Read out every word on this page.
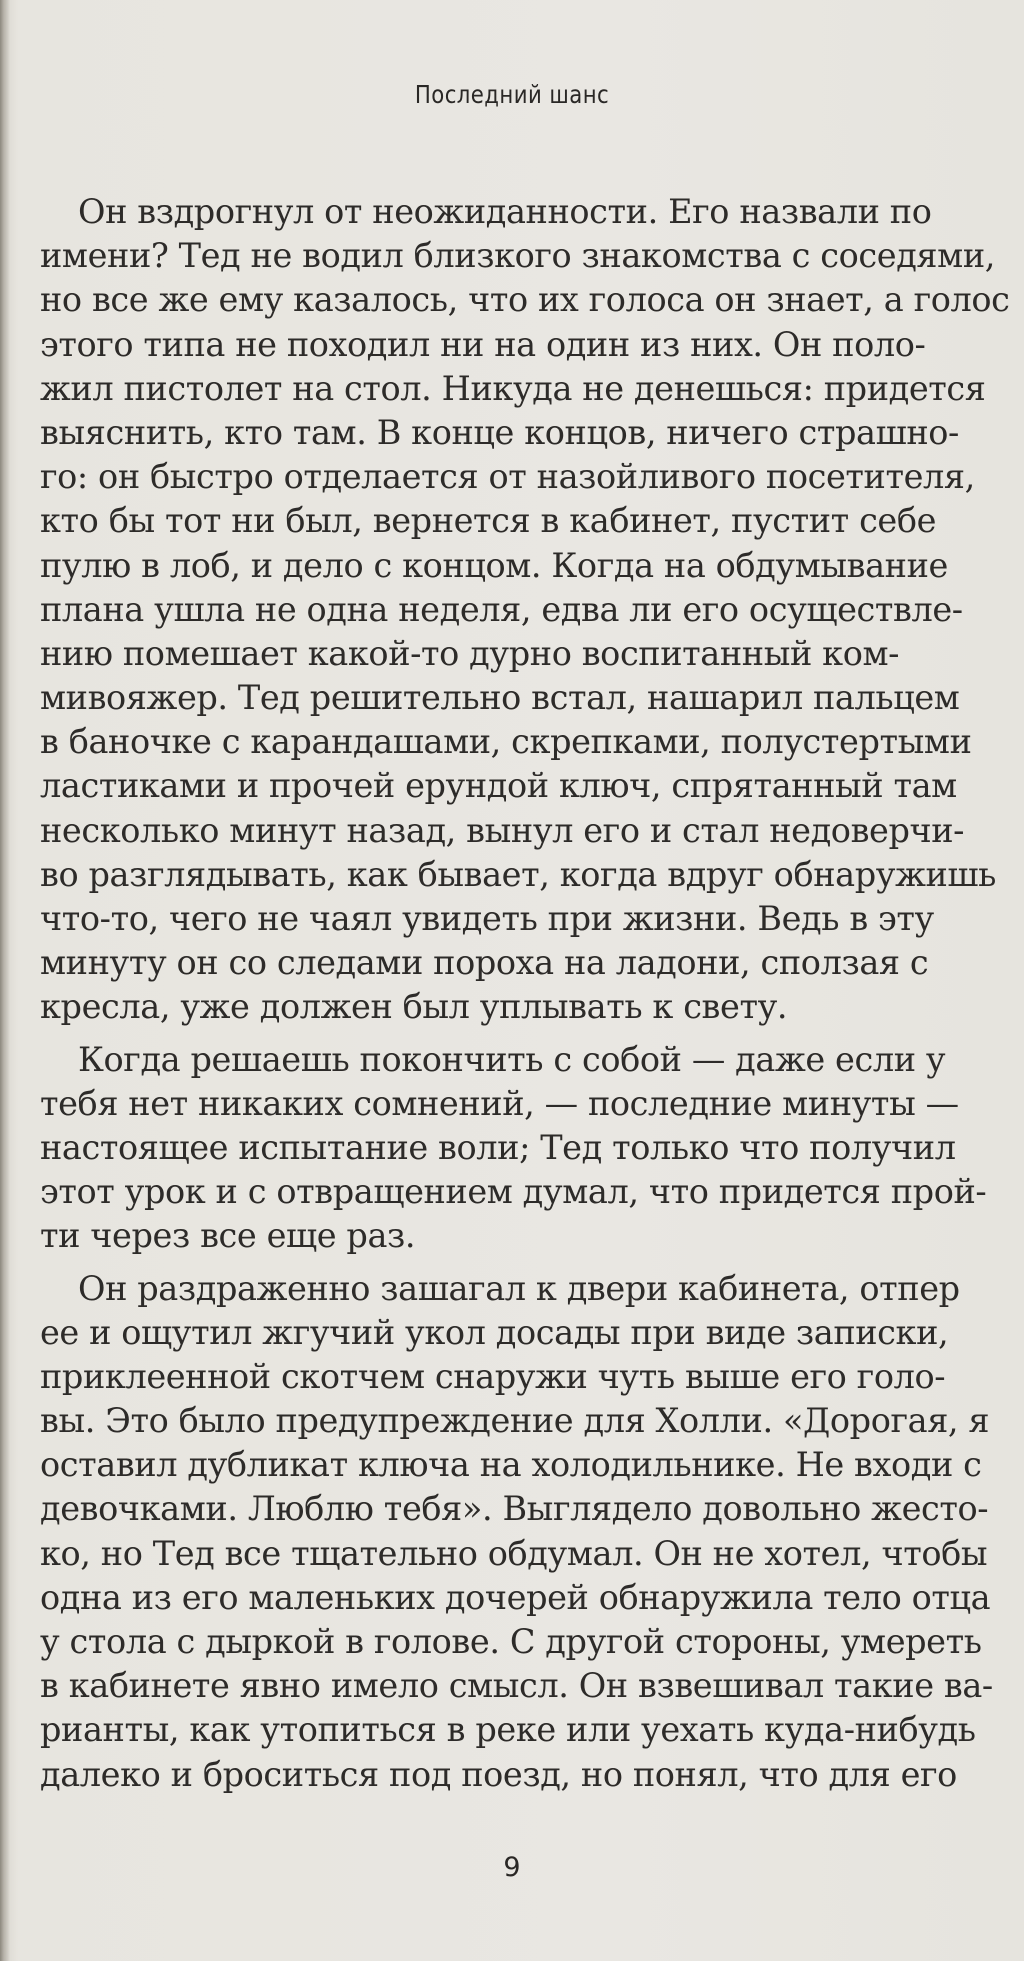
Последний шанс
Он вздрогнул от неожиданности. Его назвали по
имени? Тед не водил близкого знакомства с соседями,
но все же ему казалось, что их голоса он знает, а голос
этого типа не походил ни на один из них. Он поло-
жил пистолет на стол. Никуда не денешься: придется
выяснить, кто там. В конце концов, ничего страшно-
го: он быстро отделается от назойливого посетителя,
кто бы тот ни был, вернется в кабинет, пустит себе
пулю в лоб, и дело с концом. Когда на обдумывание
плана ушла не одна неделя, едва ли его осуществле-
нию помешает какой-то дурно воспитанный ком-
мивояжер. Тед решительно встал, нашарил пальцем
в баночке с карандашами, скрепками, полустертыми
ластиками и прочей ерундой ключ, спрятанный там
несколько минут назад, вынул его и стал недоверчи-
во разглядывать, как бывает, когда вдруг обнаружишь
что-то, чего не чаял увидеть при жизни. Ведь в эту
минуту он со следами пороха на ладони, сползая с
кресла, уже должен был уплывать к свету.
Когда решаешь покончить с собой — даже если у
тебя нет никаких сомнений, — последние минуты —
настоящее испытание воли; Тед только что получил
этот урок и с отвращением думал, что придется прой-
ти через все еще раз.
Он раздраженно зашагал к двери кабинета, отпер
ее и ощутил жгучий укол досады при виде записки,
приклеенной скотчем снаружи чуть выше его голо-
вы. Это было предупреждение для Холли. «Дорогая, я
оставил дубликат ключа на холодильнике. Не входи с
девочками. Люблю тебя». Выглядело довольно жесто-
ко, но Тед все тщательно обдумал. Он не хотел, чтобы
одна из его маленьких дочерей обнаружила тело отца
у стола с дыркой в голове. С другой стороны, умереть
в кабинете явно имело смысл. Он взвешивал такие ва-
рианты, как утопиться в реке или уехать куда-нибудь
далеко и броситься под поезд, но понял, что для его
9
